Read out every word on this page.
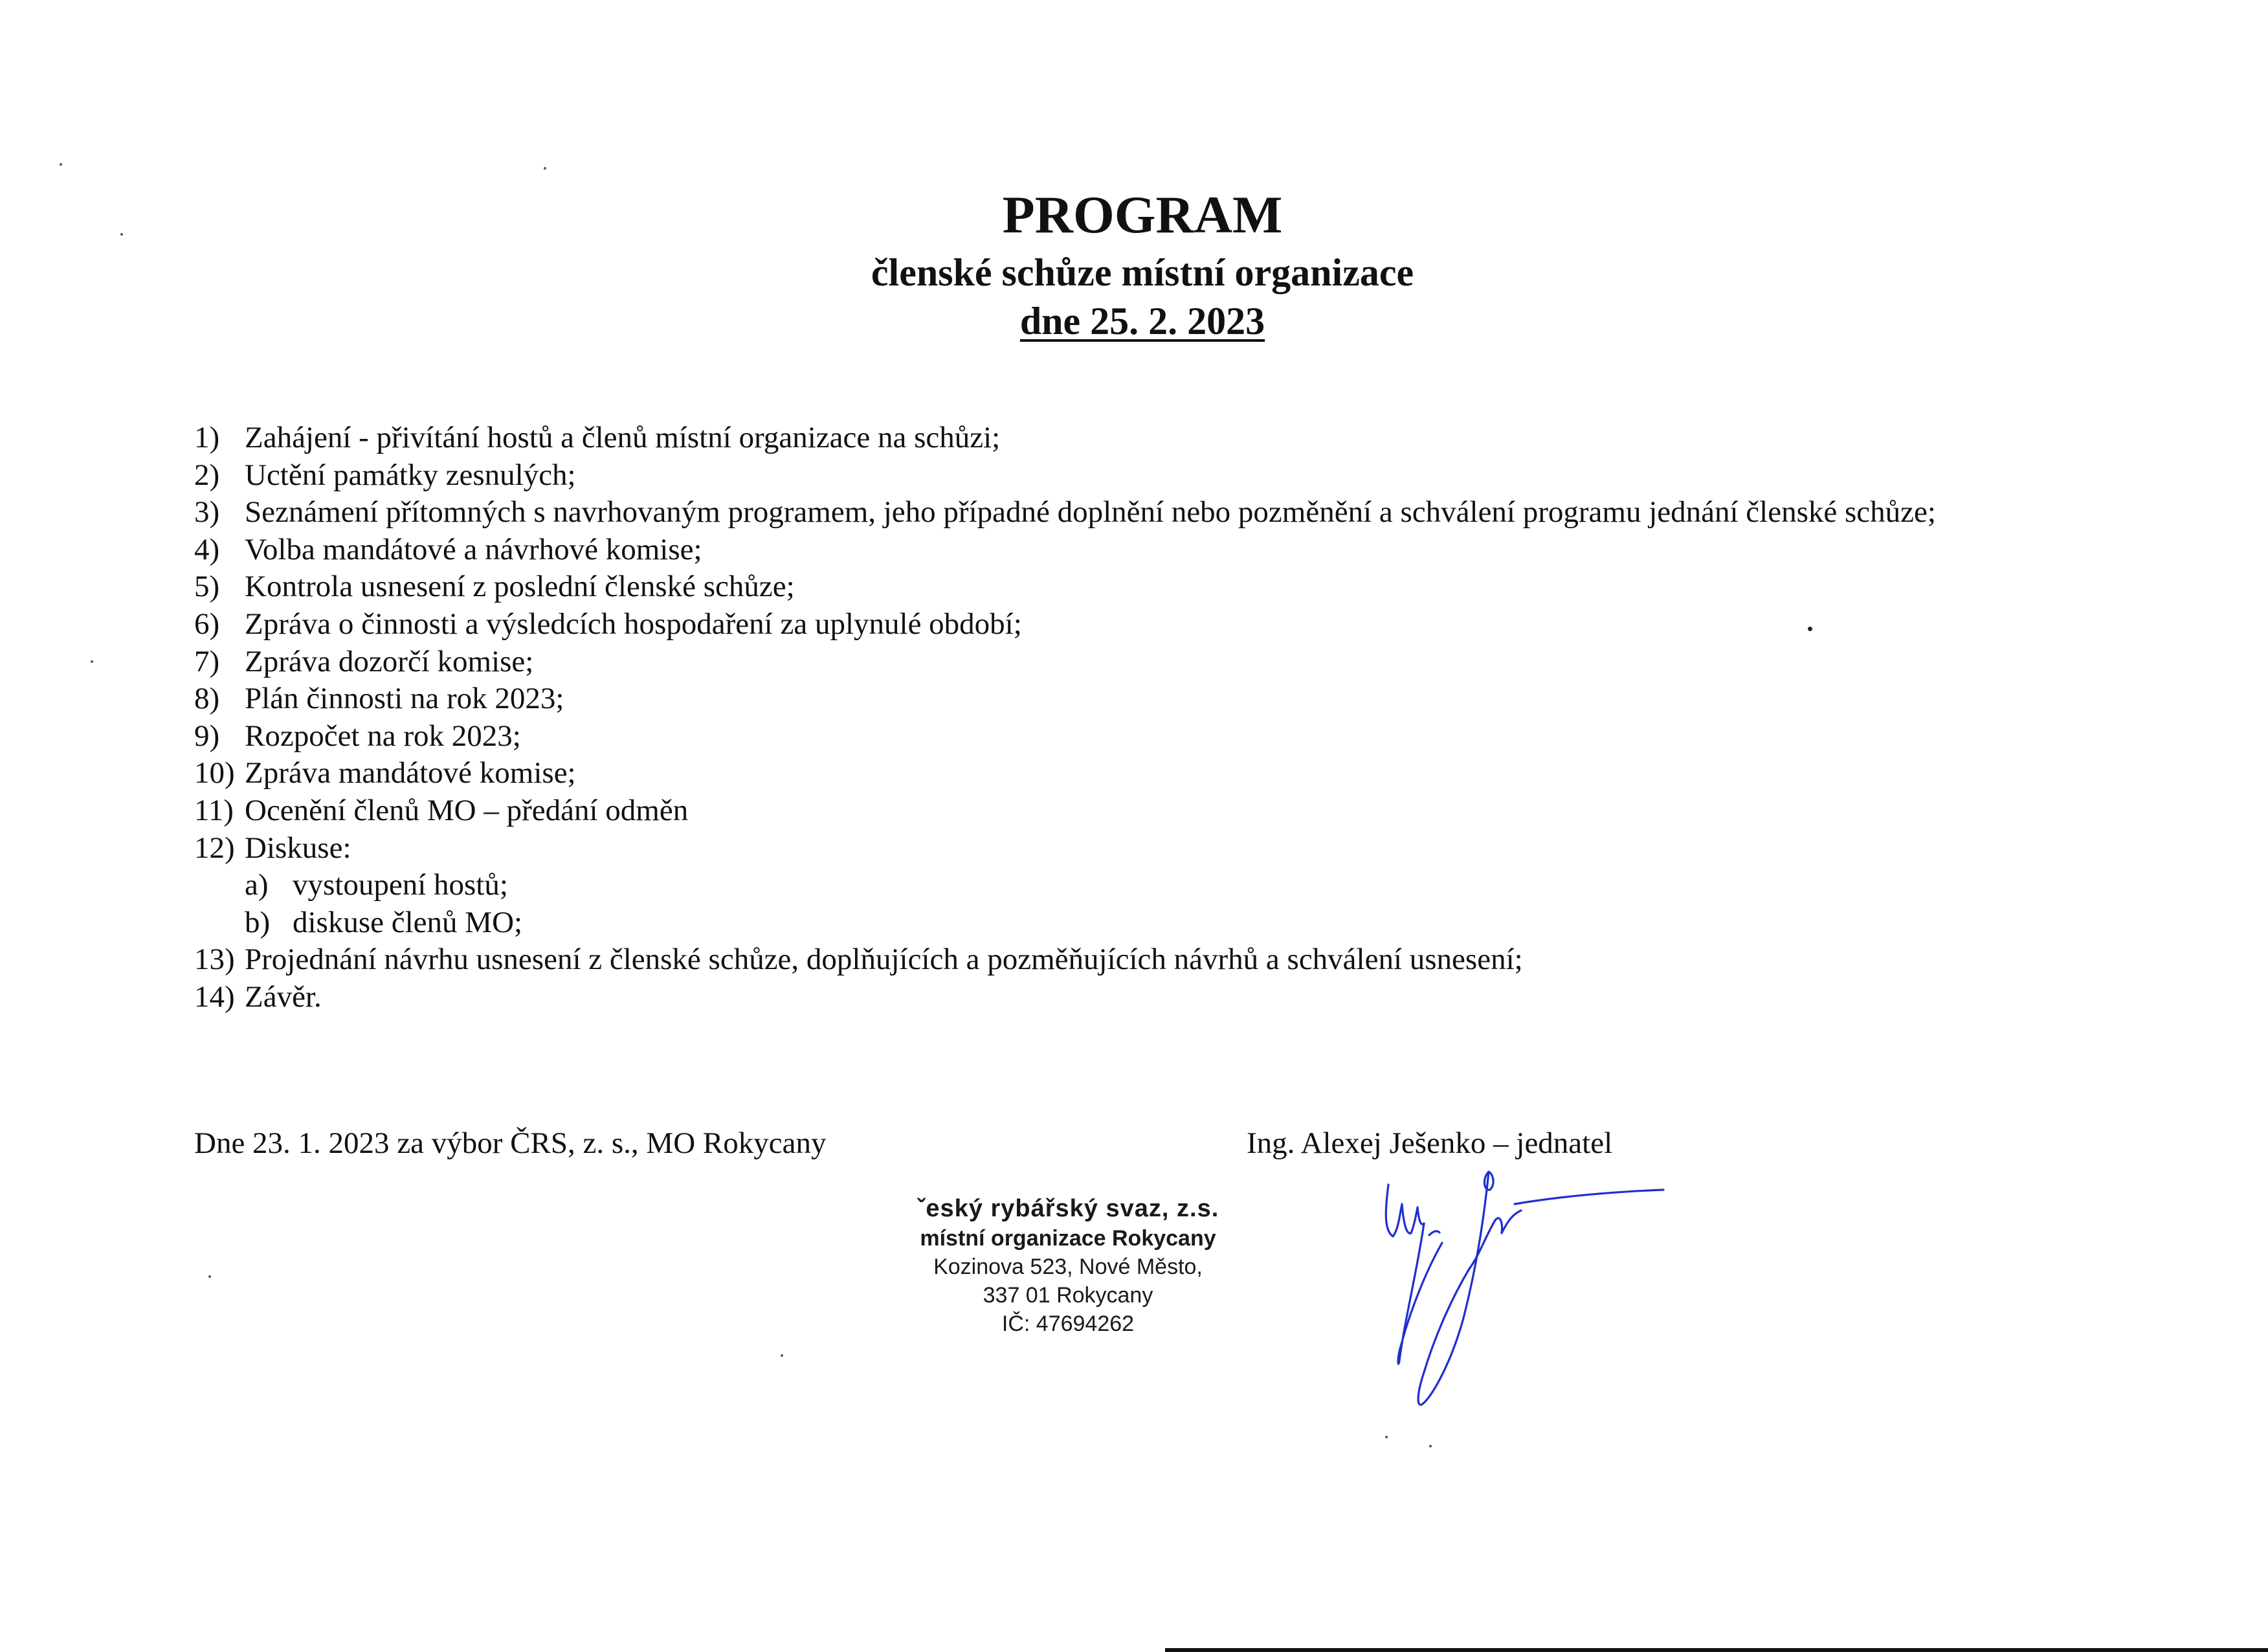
PROGRAM
členské schůze místní organizace
dne 25. 2. 2023
1) Zahájení - přivítání hostů a členů místní organizace na schůzi;
2) Uctění památky zesnulých;
3) Seznámení přítomných s navrhovaným programem, jeho případné doplnění nebo pozměnění a schválení programu jednání členské schůze;
4) Volba mandátové a návrhové komise;
5) Kontrola usnesení z poslední členské schůze;
6) Zpráva o činnosti a výsledcích hospodaření za uplynulé období;
7) Zpráva dozorčí komise;
8) Plán činnosti na rok 2023;
9) Rozpočet na rok 2023;
10) Zpráva mandátové komise;
11) Ocenění členů MO – předání odměn
12) Diskuse:
a) vystoupení hostů;
b) diskuse členů MO;
13) Projednání návrhu usnesení z členské schůze, doplňujících a pozměňujících návrhů a schválení usnesení;
14) Závěr.
Dne 23. 1. 2023 za výbor ČRS, z. s., MO Rokycany	Ing. Alexej Ješenko – jednatel
ˇeský rybářský svaz, z.s.
místní organizace Rokycany
Kozinova 523, Nové Město,
337 01 Rokycany
IČ: 47694262
